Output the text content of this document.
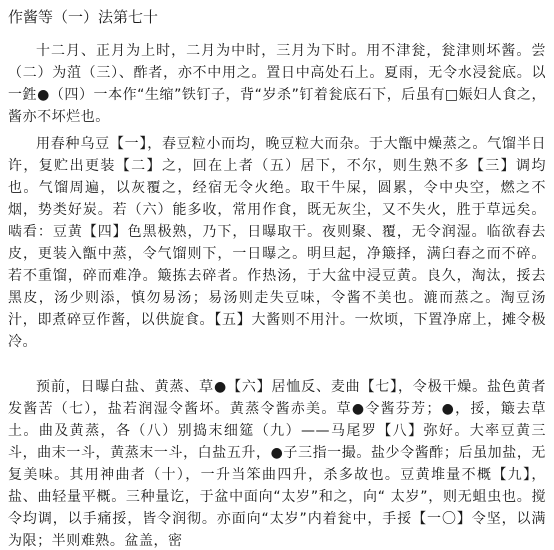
作酱等（一）法第七十

十二月、正月为上时，二月为中时，三月为下时。用不津瓮，瓮津则坏酱。尝（二）为菹（三）、酢者，亦不中用之。置日中高处石上。夏雨，无令水浸瓮底。以一鉎●（四）一本作“生缩”铁钉子，背“岁杀”钉着瓮底石下，后虽有□娠妇人食之，酱亦不坏烂也。

用春种乌豆【一】，春豆粒小而均，晚豆粒大而杂。于大甑中燥蒸之。气馏半日许，复贮出更装【二】之，回在上者（五）居下，不尔，则生熟不多【三】调均也。气馏周遍，以灰覆之，经宿无令火绝。取干牛屎，圆累，令中央空，燃之不烟，势类好炭。若（六）能多收，常用作食，既无灰尘，又不失火，胜于草远矣。啮看：豆黄【四】色黑极熟，乃下，日曝取干。夜则聚、覆，无令润湿。临欲舂去皮，更装入甑中蒸，令气馏则下，一日曝之。明旦起，净簸择，满臼舂之而不碎。若不重馏，碎而难净。簸拣去碎者。作热汤，于大盆中浸豆黄。良久，淘汰，挼去黑皮，汤少则添，慎勿易汤；易汤则走失豆味，令酱不美也。漉而蒸之。淘豆汤汁，即煮碎豆作酱，以供旋食。【五】大酱则不用汁。一炊顷，下置净席上，摊令极冷。

预前，日曝白盐、黄蒸、草●【六】居恤反、麦曲【七】，令极干燥。盐色黄者发酱苦（七），盐若润湿令酱坏。黄蒸令酱赤美。草●令酱芬芳；●，挼，簸去草土。曲及黄蒸，各（八）别捣末细筵（九）——马尾罗【八】弥好。大率豆黄三斗，曲末一斗，黄蒸末一斗，白盐五升，●子三指一撮。盐少令酱酢；后虽加盐，无复美味。其用神曲者（十），一升当笨曲四升，杀多故也。豆黄堆量不概【九】，盐、曲轻量平概。三种量讫，于盆中面向“太岁”和之，向“ 太岁”，则无蛆虫也。搅令均调，以手痛挼，皆令润彻。亦面向“太岁”内着瓮中，手挼【一〇】令坚，以满为限；半则难熟。盆盖，密
